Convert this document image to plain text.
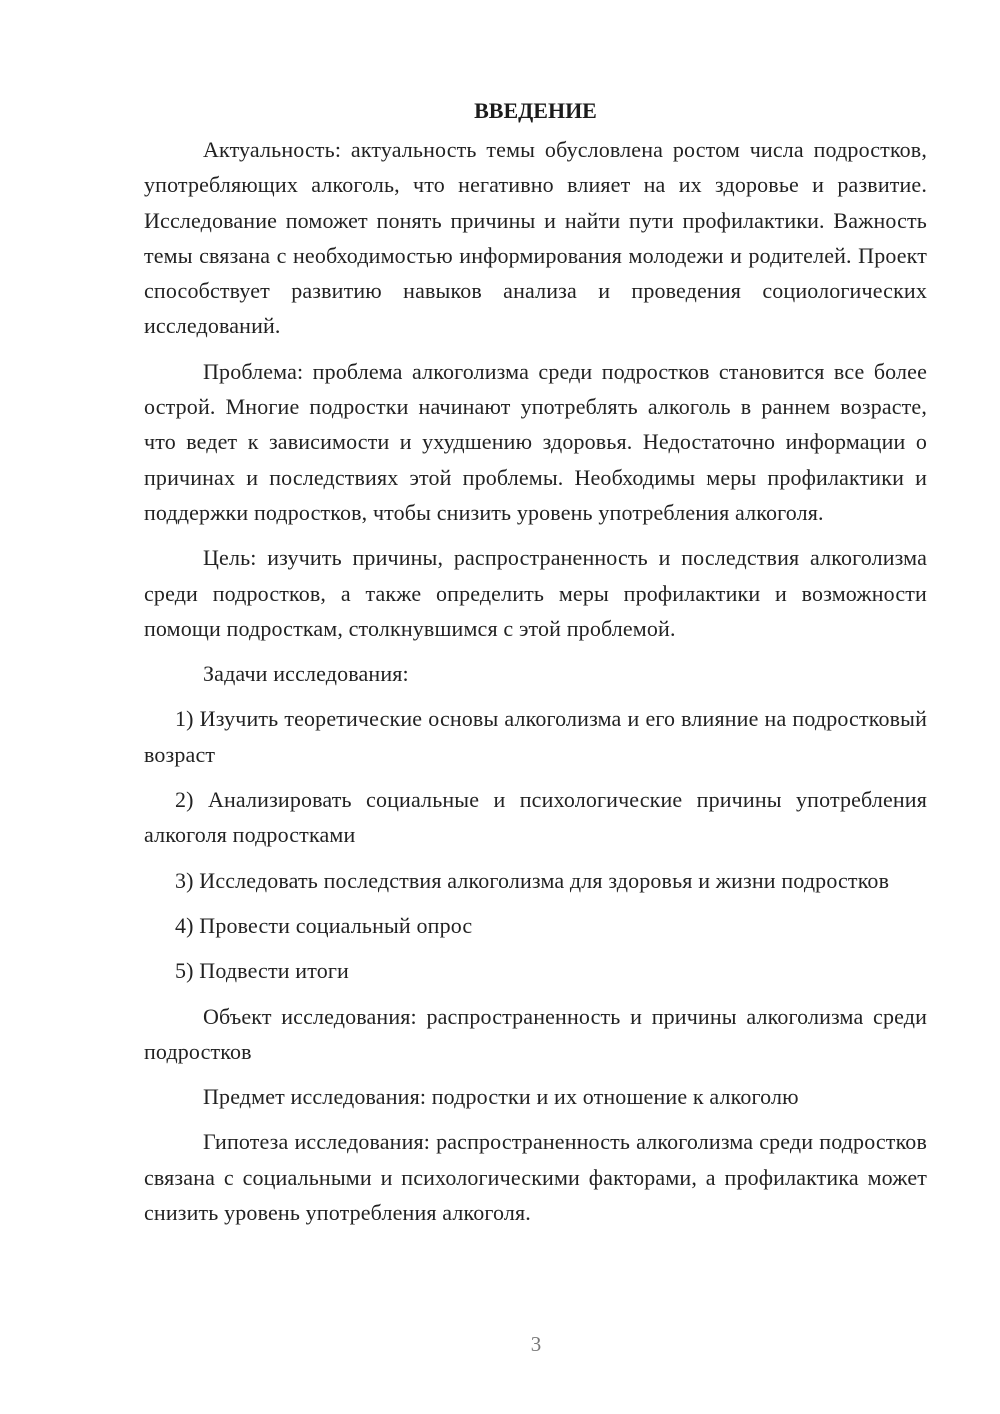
ВВЕДЕНИЕ

Актуальность: актуальность темы обусловлена ростом числа подростков, употребляющих алкоголь, что негативно влияет на их здоровье и развитие. Исследование поможет понять причины и найти пути профилактики. Важность темы связана с необходимостью информирования молодежи и родителей. Проект способствует развитию навыков анализа и проведения социологических исследований.

Проблема: проблема алкоголизма среди подростков становится все более острой. Многие подростки начинают употреблять алкоголь в раннем возрасте, что ведет к зависимости и ухудшению здоровья. Недостаточно информации о причинах и последствиях этой проблемы. Необходимы меры профилактики и поддержки подростков, чтобы снизить уровень употребления алкоголя.

Цель: изучить причины, распространенность и последствия алкоголизма среди подростков, а также определить меры профилактики и возможности помощи подросткам, столкнувшимся с этой проблемой.

Задачи исследования:

1) Изучить теоретические основы алкоголизма и его влияние на подростковый возраст

2) Анализировать социальные и психологические причины употребления алкоголя подростками

3) Исследовать последствия алкоголизма для здоровья и жизни подростков

4) Провести социальный опрос

5) Подвести итоги

Объект исследования: распространенность и причины алкоголизма среди подростков

Предмет исследования: подростки и их отношение к алкоголю

Гипотеза исследования: распространенность алкоголизма среди подростков связана с социальными и психологическими факторами, а профилактика может снизить уровень употребления алкоголя.

3
